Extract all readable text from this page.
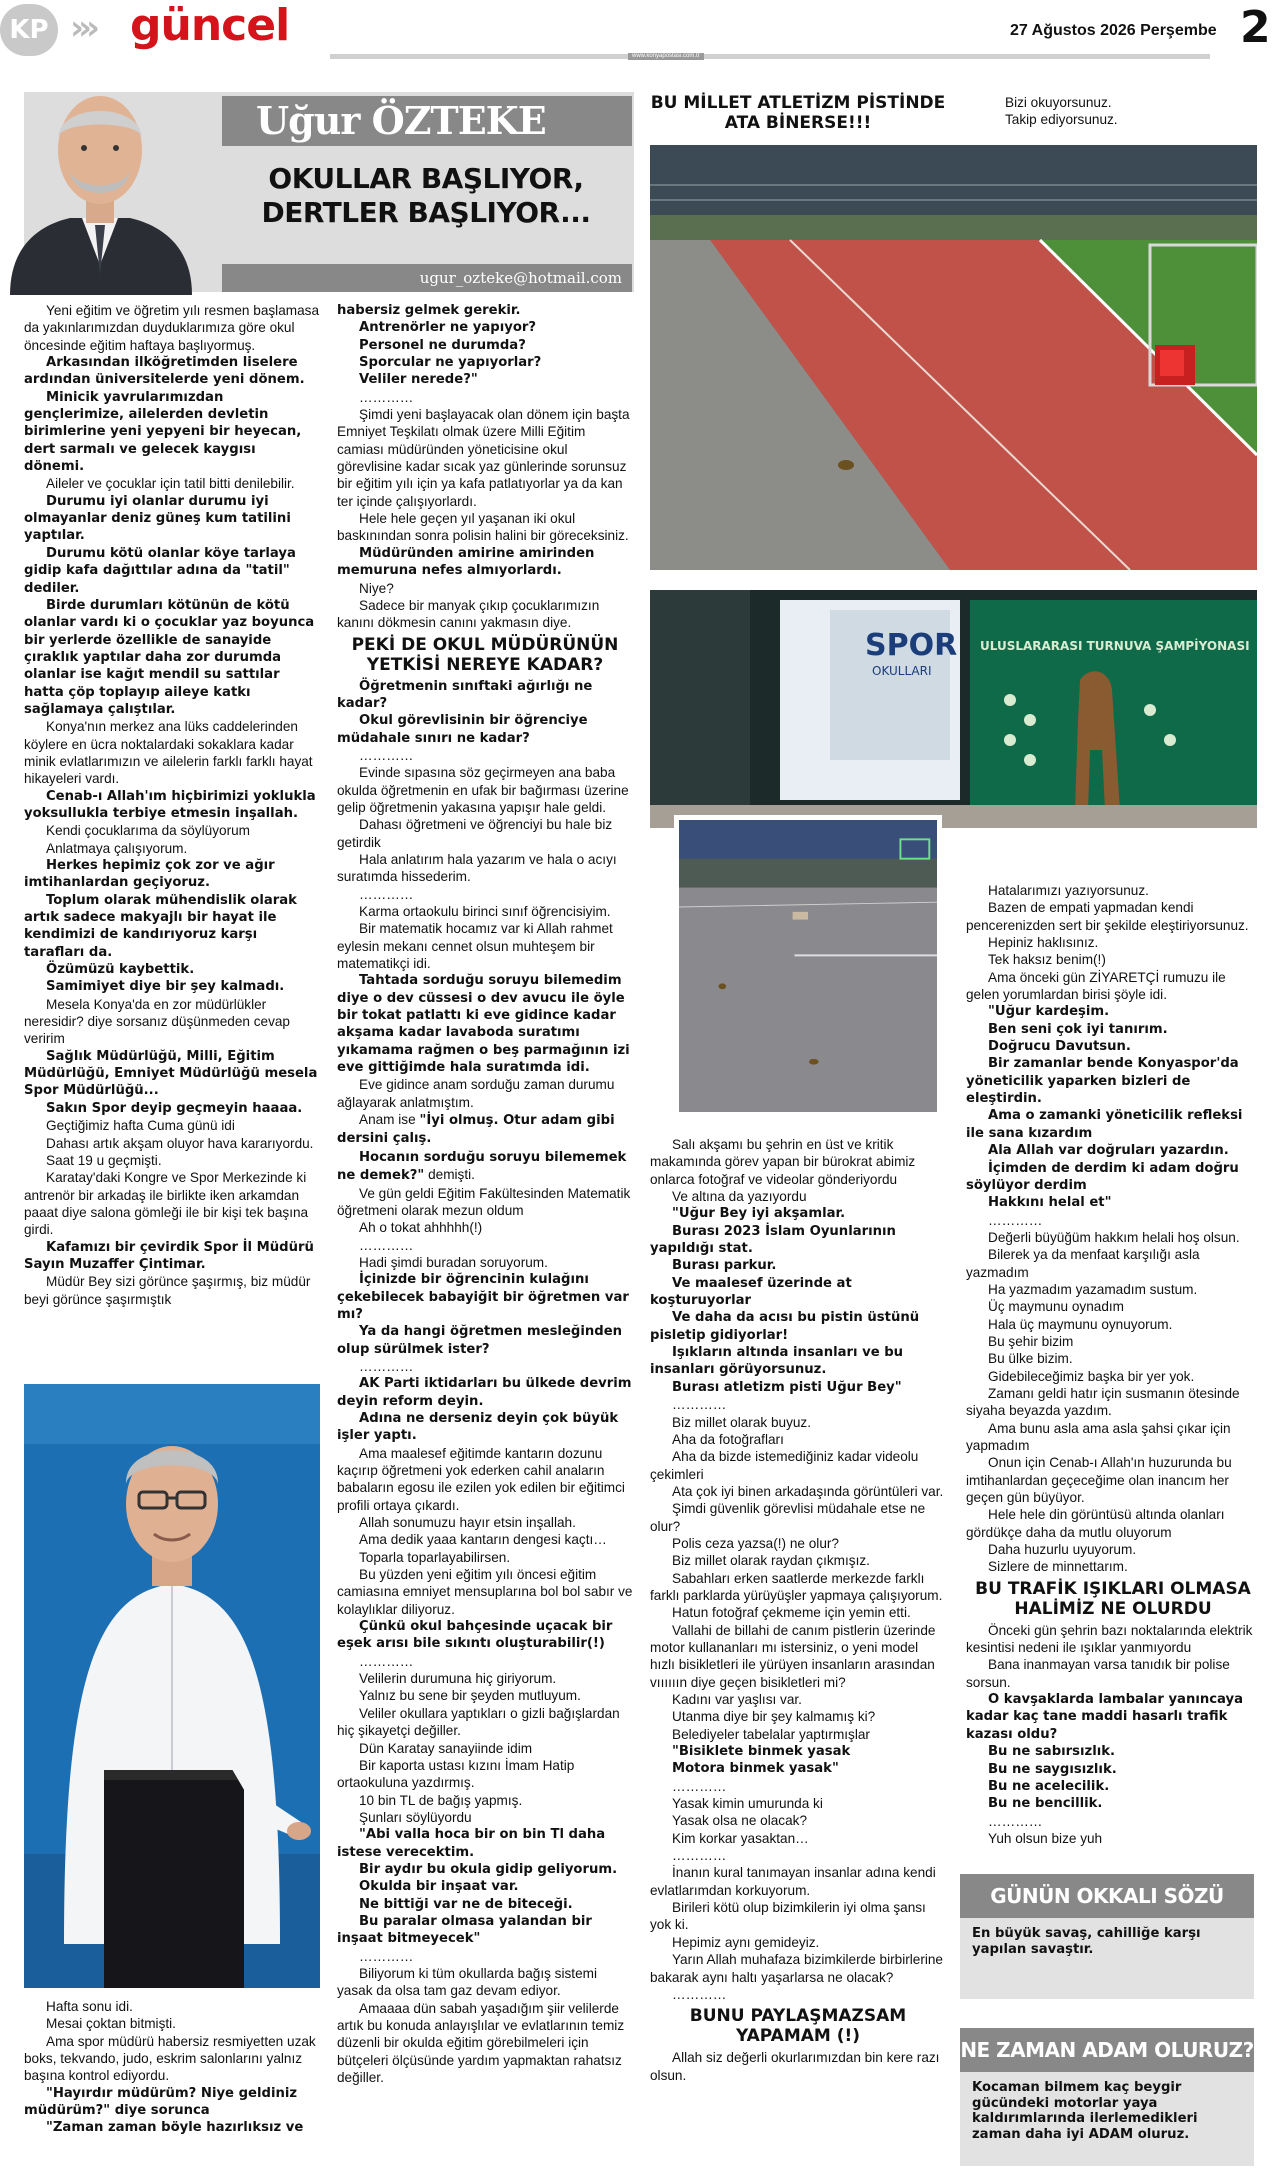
KP ››› güncel
www.konyapostasi.com.tr
27 Ağustos 2026 Perşembe 2
Uğur ÖZTEKE
OKULLAR BAŞLIYOR,
DERTLER BAŞLIYOR...
ugur_ozteke@hotmail.com

Yeni eğitim ve öğretim yılı resmen başlamasa da yakınlarımızdan duyduklarımıza göre okul öncesinde eğitim haftaya başlıyormuş.

Arkasından ilköğretimden liselere ardından üniversitelerde yeni dönem.

Minicik yavrularımızdan gençlerimize, ailelerden devletin birimlerine yeni yepyeni bir heyecan, dert sarmalı ve gelecek kaygısı dönemi.

Aileler ve çocuklar için tatil bitti denilebilir.

Durumu iyi olanlar durumu iyi olmayanlar deniz güneş kum tatilini yaptılar.

Durumu kötü olanlar köye tarlaya gidip kafa dağıttılar adına da "tatil" dediler.

Birde durumları kötünün de kötü olanlar vardı ki o çocuklar yaz boyunca bir yerlerde özellikle de sanayide çıraklık yaptılar daha zor durumda olanlar ise kağıt mendil su sattılar hatta çöp toplayıp aileye katkı sağlamaya çalıştılar.

Konya'nın merkez ana lüks caddelerinden köylere en ücra noktalardaki sokaklara kadar minik evlatlarımızın ve ailelerin farklı farklı hayat hikayeleri vardı.

Cenab-ı Allah'ım hiçbirimizi yoklukla yoksullukla terbiye etmesin inşallah.

Kendi çocuklarıma da söylüyorum

Anlatmaya çalışıyorum.

Herkes hepimiz çok zor ve ağır imtihanlardan geçiyoruz.

Toplum olarak mühendislik olarak artık sadece makyajlı bir hayat ile kendimizi de kandırıyoruz karşı tarafları da.

Özümüzü kaybettik.

Samimiyet diye bir şey kalmadı.

Mesela Konya'da en zor müdürlükler neresidir? diye sorsanız düşünmeden cevap veririm

Sağlık Müdürlüğü, Milli, Eğitim Müdürlüğü, Emniyet Müdürlüğü mesela Spor Müdürlüğü...

Sakın Spor deyip geçmeyin haaaa.

Geçtiğimiz hafta Cuma günü idi

Dahası artık akşam oluyor hava kararıyordu.

Saat 19 u geçmişti.

Karatay'daki Kongre ve Spor Merkezinde ki antrenör bir arkadaş ile birlikte iken arkamdan paaat diye salona gömleği ile bir kişi tek başına girdi.

Kafamızı bir çevirdik Spor İl Müdürü Sayın Muzaffer Çintimar.

Müdür Bey sizi görünce şaşırmış, biz müdür beyi görünce şaşırmıştık

Hafta sonu idi.

Mesai çoktan bitmişti.

Ama spor müdürü habersiz resmiyetten uzak boks, tekvando, judo, eskrim salonlarını yalnız başına kontrol ediyordu.

"Hayırdır müdürüm? Niye geldiniz müdürüm?" diye sorunca

"Zaman zaman böyle hazırlıksız ve

habersiz gelmek gerekir.

Antrenörler ne yapıyor?

Personel ne durumda?

Sporcular ne yapıyorlar?

Veliler nerede?"

…………

Şimdi yeni başlayacak olan dönem için başta Emniyet Teşkilatı olmak üzere Milli Eğitim camiası müdüründen yöneticisine okul görevlisine kadar sıcak yaz günlerinde sorunsuz bir eğitim yılı için ya kafa patlatıyorlar ya da kan ter içinde çalışıyorlardı.

Hele hele geçen yıl yaşanan iki okul baskınından sonra polisin halini bir göreceksiniz.

Müdüründen amirine amirinden memuruna nefes almıyorlardı.

Niye?

Sadece bir manyak çıkıp çocuklarımızın kanını dökmesin canını yakmasın diye.

PEKİ DE OKUL MÜDÜRÜNÜN YETKİSİ NEREYE KADAR?

Öğretmenin sınıftaki ağırlığı ne kadar?

Okul görevlisinin bir öğrenciye müdahale sınırı ne kadar?

…………

Evinde sıpasına söz geçirmeyen ana baba okulda öğretmenin en ufak bir bağırması üzerine gelip öğretmenin yakasına yapışır hale geldi.

Dahası öğretmeni ve öğrenciyi bu hale biz getirdik

Hala anlatırım hala yazarım ve hala o acıyı suratımda hissederim.

…………

Karma ortaokulu birinci sınıf öğrencisiyim.

Bir matematik hocamız var ki Allah rahmet eylesin mekanı cennet olsun muhteşem bir matematikçi idi.

Tahtada sorduğu soruyu bilemedim diye o dev cüssesi o dev avucu ile öyle bir tokat patlattı ki eve gidince kadar akşama kadar lavaboda suratımı yıkamama rağmen o beş parmağının izi eve gittiğimde hala suratımda idi.

Eve gidince anam sorduğu zaman durumu ağlayarak anlatmıştım.

Anam ise "İyi olmuş. Otur adam gibi dersini çalış.

Hocanın sorduğu soruyu bilememek ne demek?" demişti.

Ve gün geldi Eğitim Fakültesinden Matematik öğretmeni olarak mezun oldum

Ah o tokat ahhhhh(!)

…………

Hadi şimdi buradan soruyorum.

İçinizde bir öğrencinin kulağını çekebilecek babayiğit bir öğretmen var mı?

Ya da hangi öğretmen mesleğinden olup sürülmek ister?

…………

AK Parti iktidarları bu ülkede devrim deyin reform deyin.

Adına ne derseniz deyin çok büyük işler yaptı.

Ama maalesef eğitimde kantarın dozunu kaçırıp öğretmeni yok ederken cahil anaların babaların egosu ile ezilen yok edilen bir eğitimci profili ortaya çıkardı.

Allah sonumuzu hayır etsin inşallah.

Ama dedik yaaa kantarın dengesi kaçtı…

Toparla toparlayabilirsen.

Bu yüzden yeni eğitim yılı öncesi eğitim camiasına emniyet mensuplarına bol bol sabır ve kolaylıklar diliyoruz.

Çünkü okul bahçesinde uçacak bir eşek arısı bile sıkıntı oluşturabilir(!)

…………

Velilerin durumuna hiç giriyorum.

Yalnız bu sene bir şeyden mutluyum.

Veliler okullara yaptıkları o gizli bağışlardan hiç şikayetçi değiller.

Dün Karatay sanayiinde idim

Bir kaporta ustası kızını İmam Hatip ortaokuluna yazdırmış.

10 bin TL de bağış yapmış.

Şunları söylüyordu

"Abi valla hoca bir on bin Tl daha istese verecektim.

Bir aydır bu okula gidip geliyorum.

Okulda bir inşaat var.

Ne bittiği var ne de biteceği.

Bu paralar olmasa yalandan bir inşaat bitmeyecek"

…………

Biliyorum ki tüm okullarda bağış sistemi yasak da olsa tam gaz devam ediyor.

Amaaaa dün sabah yaşadığım şiir velilerde artık bu konuda anlayışlılar ve evlatlarının temiz düzenli bir okulda eğitim görebilmeleri için bütçeleri ölçüsünde yardım yapmaktan rahatsız değiller.

BU MİLLET ATLETİZM PİSTİNDE ATA BİNERSE!!!
SPOR
OKULLARI
ULUSLARARASI TURNUVA ŞAMPİYONASI

Salı akşamı bu şehrin en üst ve kritik makamında görev yapan bir bürokrat abimiz onlarca fotoğraf ve videolar gönderiyordu

Ve altına da yazıyordu

"Uğur Bey iyi akşamlar.

Burası 2023 İslam Oyunlarının yapıldığı stat.

Burası parkur.

Ve maalesef üzerinde at koşturuyorlar

Ve daha da acısı bu pistin üstünü pisletip gidiyorlar!

Işıkların altında insanları ve bu insanları görüyorsunuz.

Burası atletizm pisti Uğur Bey"

…………

Biz millet olarak buyuz.

Aha da fotoğrafları

Aha da bizde istemediğiniz kadar videolu çekimleri

Ata çok iyi binen arkadaşında görüntüleri var.

Şimdi güvenlik görevlisi müdahale etse ne olur?

Polis ceza yazsa(!) ne olur?

Biz millet olarak raydan çıkmışız.

Sabahları erken saatlerde merkezde farklı farklı parklarda yürüyüşler yapmaya çalışıyorum.

Hatun fotoğraf çekmeme için yemin etti.

Vallahi de billahi de canım pistlerin üzerinde motor kullananları mı istersiniz, o yeni model hızlı bisikletleri ile yürüyen insanların arasından vıııııın diye geçen bisikletleri mi?

Kadını var yaşlısı var.

Utanma diye bir şey kalmamış ki?

Belediyeler tabelalar yaptırmışlar

"Bisiklete binmek yasak

Motora binmek yasak"

…………

Yasak kimin umurunda ki

Yasak olsa ne olacak?

Kim korkar yasaktan…

…………

İnanın kural tanımayan insanlar adına kendi evlatlarımdan korkuyorum.

Birileri kötü olup bizimkilerin iyi olma şansı yok ki.

Hepimiz aynı gemideyiz.

Yarın Allah muhafaza bizimkilerde birbirlerine bakarak aynı haltı yaşarlarsa ne olacak?

…………

BUNU PAYLAŞMAZSAM YAPAMAM (!)

Allah siz değerli okurlarımızdan bin kere razı olsun.

Bizi okuyorsunuz.

Takip ediyorsunuz.

Hatalarımızı yazıyorsunuz.

Bazen de empati yapmadan kendi pencerenizden sert bir şekilde eleştiriyorsunuz.

Hepiniz haklısınız.

Tek haksız benim(!)

Ama önceki gün ZİYARETÇİ rumuzu ile gelen yorumlardan birisi şöyle idi.

"Uğur kardeşim.

Ben seni çok iyi tanırım.

Doğrucu Davutsun.

Bir zamanlar bende Konyaspor'da yöneticilik yaparken bizleri de eleştirdin.

Ama o zamanki yöneticilik refleksi ile sana kızardım

Ala Allah var doğruları yazardın.

İçimden de derdim ki adam doğru söylüyor derdim

Hakkını helal et"

…………

Değerli büyüğüm hakkım helali hoş olsun.

Bilerek ya da menfaat karşılığı asla yazmadım

Ha yazmadım yazamadım sustum.

Üç maymunu oynadım

Hala üç maymunu oynuyorum.

Bu şehir bizim

Bu ülke bizim.

Gidebileceğimiz başka bir yer yok.

Zamanı geldi hatır için susmanın ötesinde siyaha beyazda yazdım.

Ama bunu asla ama asla şahsi çıkar için yapmadım

Onun için Cenab-ı Allah'ın huzurunda bu imtihanlardan geçeceğime olan inancım her geçen gün büyüyor.

Hele hele din görüntüsü altında olanları gördükçe daha da mutlu oluyorum

Daha huzurlu uyuyorum.

Sizlere de minnettarım.

BU TRAFİK IŞIKLARI OLMASA HALİMİZ NE OLURDU

Önceki gün şehrin bazı noktalarında elektrik kesintisi nedeni ile ışıklar yanmıyordu

Bana inanmayan varsa tanıdık bir polise sorsun.

O kavşaklarda lambalar yanıncaya kadar kaç tane maddi hasarlı trafik kazası oldu?

Bu ne sabırsızlık.

Bu ne saygısızlık.

Bu ne acelecilik.

Bu ne bencillik.

…………

Yuh olsun bize yuh

GÜNÜN OKKALI SÖZÜ
En büyük savaş, cahilliğe karşı yapılan savaştır.
NE ZAMAN ADAM OLURUZ?
Kocaman bilmem kaç beygir gücündeki motorlar yaya kaldırımlarında ilerlemedikleri zaman daha iyi ADAM oluruz.
